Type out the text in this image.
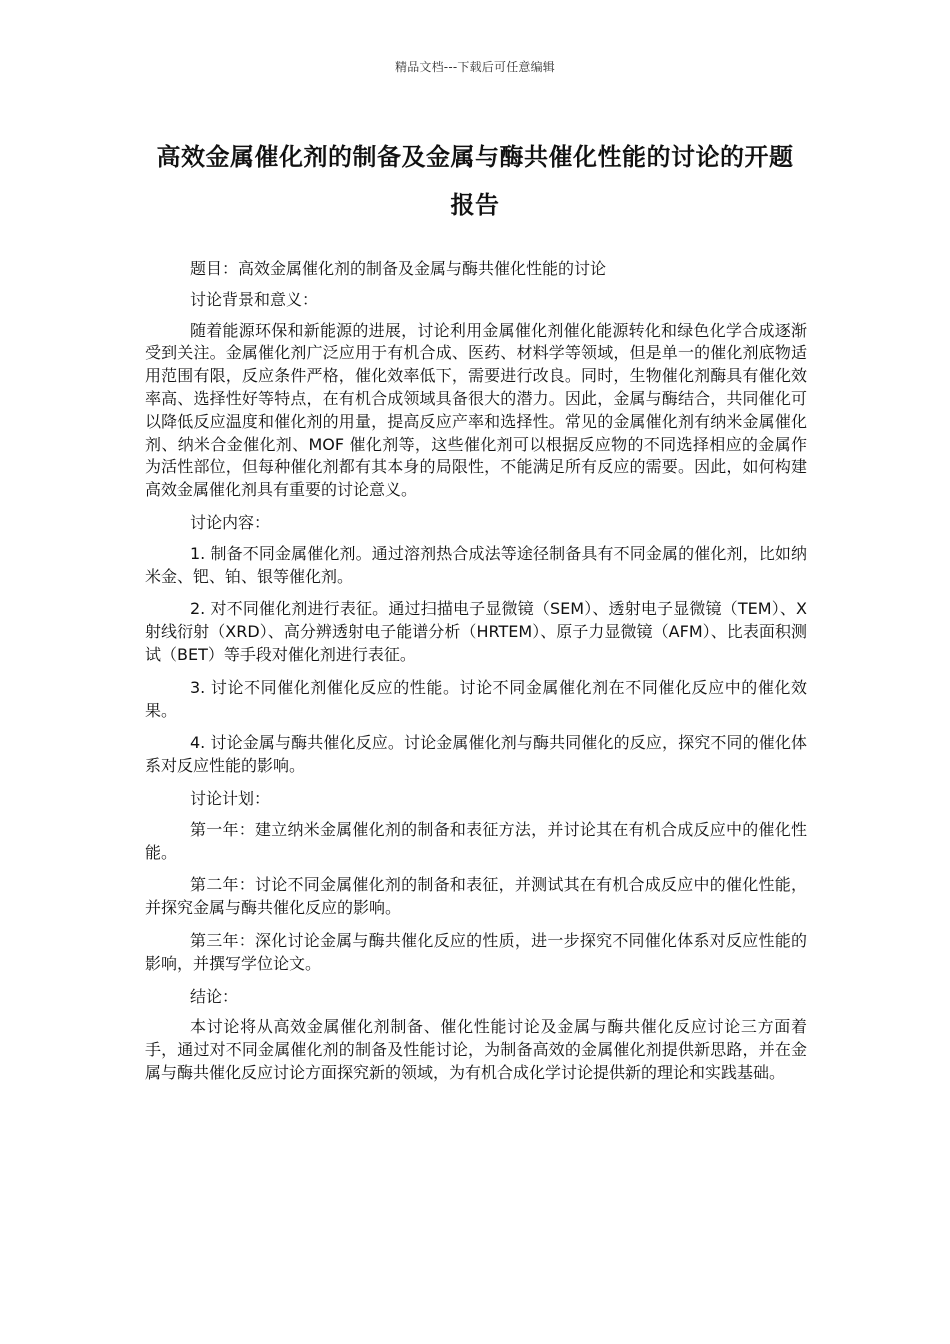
精品文档---下载后可任意编辑
高效金属催化剂的制备及金属与酶共催化性能的讨论的开题报告

题目：高效金属催化剂的制备及金属与酶共催化性能的讨论

讨论背景和意义：

随着能源环保和新能源的进展，讨论利用金属催化剂催化能源转化和绿色化学合成逐渐受到关注。金属催化剂广泛应用于有机合成、医药、材料学等领域，但是单一的催化剂底物适用范围有限，反应条件严格，催化效率低下，需要进行改良。同时，生物催化剂酶具有催化效率高、选择性好等特点，在有机合成领域具备很大的潜力。因此，金属与酶结合，共同催化可以降低反应温度和催化剂的用量，提高反应产率和选择性。常见的金属催化剂有纳米金属催化剂、纳米合金催化剂、MOF 催化剂等，这些催化剂可以根据反应物的不同选择相应的金属作为活性部位，但每种催化剂都有其本身的局限性，不能满足所有反应的需要。因此，如何构建高效金属催化剂具有重要的讨论意义。

讨论内容：

1. 制备不同金属催化剂。通过溶剂热合成法等途径制备具有不同金属的催化剂，比如纳米金、钯、铂、银等催化剂。

2. 对不同催化剂进行表征。通过扫描电子显微镜（SEM）、透射电子显微镜（TEM）、X 射线衍射（XRD）、高分辨透射电子能谱分析（HRTEM）、原子力显微镜（AFM）、比表面积测试（BET）等手段对催化剂进行表征。

3. 讨论不同催化剂催化反应的性能。讨论不同金属催化剂在不同催化反应中的催化效果。

4. 讨论金属与酶共催化反应。讨论金属催化剂与酶共同催化的反应，探究不同的催化体系对反应性能的影响。

讨论计划：

第一年：建立纳米金属催化剂的制备和表征方法，并讨论其在有机合成反应中的催化性能。

第二年：讨论不同金属催化剂的制备和表征，并测试其在有机合成反应中的催化性能，并探究金属与酶共催化反应的影响。

第三年：深化讨论金属与酶共催化反应的性质，进一步探究不同催化体系对反应性能的影响，并撰写学位论文。

结论：

本讨论将从高效金属催化剂制备、催化性能讨论及金属与酶共催化反应讨论三方面着手，通过对不同金属催化剂的制备及性能讨论，为制备高效的金属催化剂提供新思路，并在金属与酶共催化反应讨论方面探究新的领域，为有机合成化学讨论提供新的理论和实践基础。
